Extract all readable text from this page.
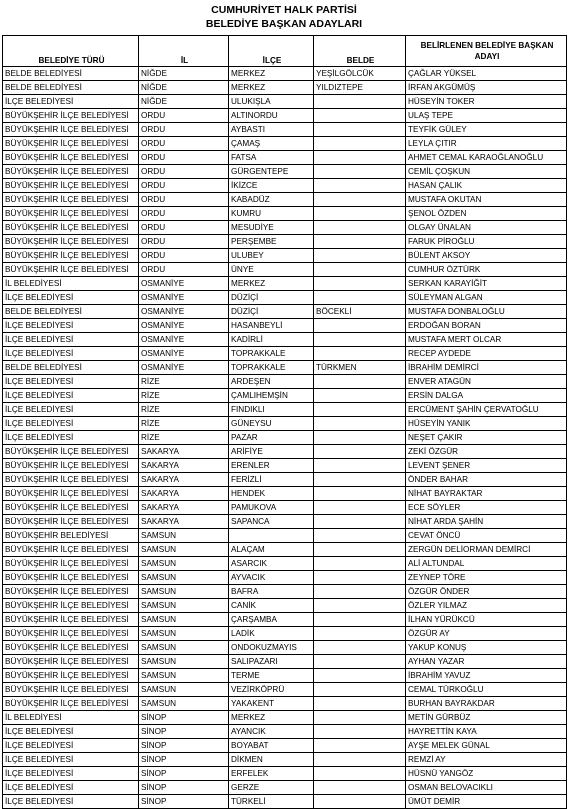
CUMHURİYET HALK PARTİSİ
BELEDİYE BAŞKAN ADAYLARI
BELEDİYE TÜRÜ	İL	İLÇE	BELDE	BELİRLENEN BELEDİYE BAŞKAN ADAYI
BELDE BELEDİYESİ	NİĞDE	MERKEZ	YEŞİLGÖLCÜK	ÇAĞLAR YÜKSEL
BELDE BELEDİYESİ	NİĞDE	MERKEZ	YILDIZTEPE	İRFAN AKGÜMÜŞ
İLÇE BELEDİYESİ	NİĞDE	ULUKIŞLA		HÜSEYİN TOKER
BÜYÜKŞEHİR İLÇE BELEDİYESİ	ORDU	ALTINORDU		ULAŞ TEPE
BÜYÜKŞEHİR İLÇE BELEDİYESİ	ORDU	AYBASTI		TEYFİK GÜLEY
BÜYÜKŞEHİR İLÇE BELEDİYESİ	ORDU	ÇAMAŞ		LEYLA ÇITIR
BÜYÜKŞEHİR İLÇE BELEDİYESİ	ORDU	FATSA		AHMET CEMAL KARAOĞLANOĞLU
BÜYÜKŞEHİR İLÇE BELEDİYESİ	ORDU	GÜRGENTEPE		CEMİL ÇOŞKUN
BÜYÜKŞEHİR İLÇE BELEDİYESİ	ORDU	İKİZCE		HASAN ÇALIK
BÜYÜKŞEHİR İLÇE BELEDİYESİ	ORDU	KABADÜZ		MUSTAFA OKUTAN
BÜYÜKŞEHİR İLÇE BELEDİYESİ	ORDU	KUMRU		ŞENOL ÖZDEN
BÜYÜKŞEHİR İLÇE BELEDİYESİ	ORDU	MESUDİYE		OLGAY ÜNALAN
BÜYÜKŞEHİR İLÇE BELEDİYESİ	ORDU	PERŞEMBE		FARUK PİROĞLU
BÜYÜKŞEHİR İLÇE BELEDİYESİ	ORDU	ULUBEY		BÜLENT AKSOY
BÜYÜKŞEHİR İLÇE BELEDİYESİ	ORDU	ÜNYE		CUMHUR ÖZTÜRK
İL BELEDİYESİ	OSMANİYE	MERKEZ		SERKAN KARAYİĞİT
İLÇE BELEDİYESİ	OSMANİYE	DÜZİÇİ		SÜLEYMAN ALGAN
BELDE BELEDİYESİ	OSMANİYE	DÜZİÇİ	BÖCEKLİ	MUSTAFA DONBALOĞLU
İLÇE BELEDİYESİ	OSMANİYE	HASANBEYLİ		ERDOĞAN BORAN
İLÇE BELEDİYESİ	OSMANİYE	KADİRLİ		MUSTAFA MERT OLCAR
İLÇE BELEDİYESİ	OSMANİYE	TOPRAKKALE		RECEP AYDEDE
BELDE BELEDİYESİ	OSMANİYE	TOPRAKKALE	TÜRKMEN	İBRAHİM DEMİRCİ
İLÇE BELEDİYESİ	RİZE	ARDEŞEN		ENVER ATAGÜN
İLÇE BELEDİYESİ	RİZE	ÇAMLIHEMŞİN		ERSİN DALGA
İLÇE BELEDİYESİ	RİZE	FINDIKLI		ERCÜMENT ŞAHİN ÇERVATOĞLU
İLÇE BELEDİYESİ	RİZE	GÜNEYSU		HÜSEYİN YANIK
İLÇE BELEDİYESİ	RİZE	PAZAR		NEŞET ÇAKIR
BÜYÜKŞEHİR İLÇE BELEDİYESİ	SAKARYA	ARİFİYE		ZEKİ ÖZGÜR
BÜYÜKŞEHİR İLÇE BELEDİYESİ	SAKARYA	ERENLER		LEVENT ŞENER
BÜYÜKŞEHİR İLÇE BELEDİYESİ	SAKARYA	FERİZLİ		ÖNDER BAHAR
BÜYÜKŞEHİR İLÇE BELEDİYESİ	SAKARYA	HENDEK		NİHAT BAYRAKTAR
BÜYÜKŞEHİR İLÇE BELEDİYESİ	SAKARYA	PAMUKOVA		ECE SÖYLER
BÜYÜKŞEHİR İLÇE BELEDİYESİ	SAKARYA	SAPANCA		NİHAT ARDA ŞAHİN
BÜYÜKŞEHİR BELEDİYESİ	SAMSUN			CEVAT ÖNCÜ
BÜYÜKŞEHİR İLÇE BELEDİYESİ	SAMSUN	ALAÇAM		ZERGÜN DELİORMAN DEMİRCİ
BÜYÜKŞEHİR İLÇE BELEDİYESİ	SAMSUN	ASARCIK		ALİ ALTUNDAL
BÜYÜKŞEHİR İLÇE BELEDİYESİ	SAMSUN	AYVACIK		ZEYNEP TÖRE
BÜYÜKŞEHİR İLÇE BELEDİYESİ	SAMSUN	BAFRA		ÖZGÜR ÖNDER
BÜYÜKŞEHİR İLÇE BELEDİYESİ	SAMSUN	CANİK		ÖZLER YILMAZ
BÜYÜKŞEHİR İLÇE BELEDİYESİ	SAMSUN	ÇARŞAMBA		İLHAN YÜRÜKCÜ
BÜYÜKŞEHİR İLÇE BELEDİYESİ	SAMSUN	LADİK		ÖZGÜR AY
BÜYÜKŞEHİR İLÇE BELEDİYESİ	SAMSUN	ONDOKUZMAYIS		YAKUP KONUŞ
BÜYÜKŞEHİR İLÇE BELEDİYESİ	SAMSUN	SALIPAZARI		AYHAN YAZAR
BÜYÜKŞEHİR İLÇE BELEDİYESİ	SAMSUN	TERME		İBRAHİM YAVUZ
BÜYÜKŞEHİR İLÇE BELEDİYESİ	SAMSUN	VEZİRKÖPRÜ		CEMAL TÜRKOĞLU
BÜYÜKŞEHİR İLÇE BELEDİYESİ	SAMSUN	YAKAKENT		BURHAN BAYRAKDAR
İL BELEDİYESİ	SİNOP	MERKEZ		METİN GÜRBÜZ
İLÇE BELEDİYESİ	SİNOP	AYANCIK		HAYRETTİN KAYA
İLÇE BELEDİYESİ	SİNOP	BOYABAT		AYŞE MELEK GÜNAL
İLÇE BELEDİYESİ	SİNOP	DİKMEN		REMZİ AY
İLÇE BELEDİYESİ	SİNOP	ERFELEK		HÜSNÜ YANGÖZ
İLÇE BELEDİYESİ	SİNOP	GERZE		OSMAN BELOVACIKLI
İLÇE BELEDİYESİ	SİNOP	TÜRKELİ		ÜMÜT DEMİR
